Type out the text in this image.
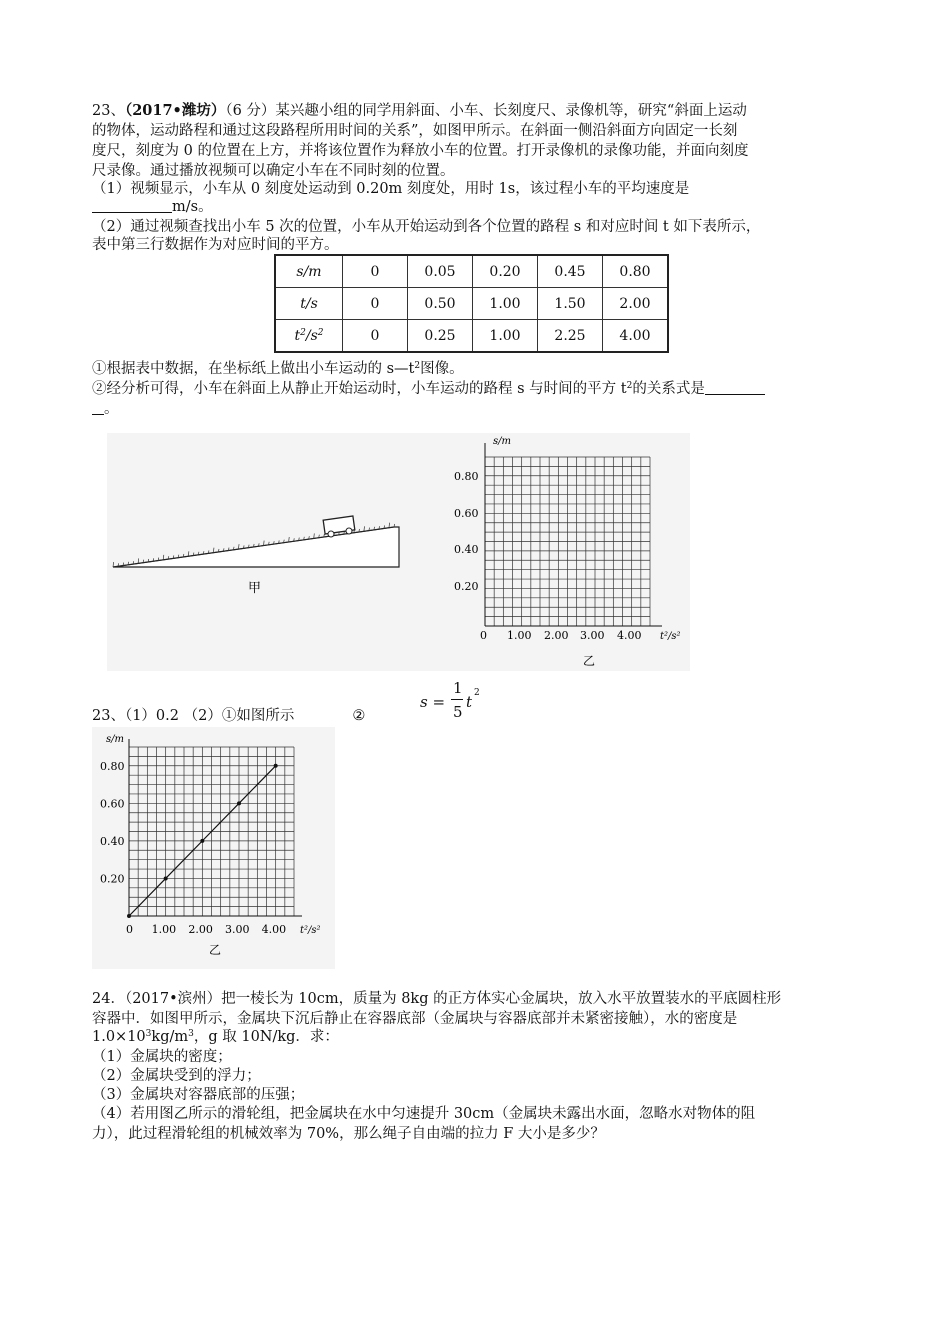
23、（2017•潍坊）（6 分）某兴趣小组的同学用斜面、小车、长刻度尺、录像机等，研究“斜面上运动

的物体，运动路程和通过这段路程所用时间的关系”，如图甲所示。在斜面一侧沿斜面方向固定一长刻

度尺，刻度为 0 的位置在上方，并将该位置作为释放小车的位置。打开录像机的录像功能，并面向刻度

尺录像。通过播放视频可以确定小车在不同时刻的位置。

（1）视频显示，小车从 0 刻度处运动到 0.20m 刻度处，用时 1s，该过程小车的平均速度是

m/s。

（2）通过视频查找出小车 5 次的位置，小车从开始运动到各个位置的路程 s 和对应时间 t 如下表所示，

表中第三行数据作为对应时间的平方。

s/m	0	0.05	0.20	0.45	0.80
t/s	0	0.50	1.00	1.50	2.00
$t^2/s^2$	0	0.25	1.00	2.25	4.00

①根据表中数据，在坐标纸上做出小车运动的 $s—t^2$图像。

②经分析可得，小车在斜面上从静止开始运动时，小车运动的路程 s 与时间的平方 $t^2$的关系式是

。

甲
s/m
0.80
0.60
0.40
0.20
0 1.00 2.00 3.00 4.00 t²/s²
乙

23、（1）0.2 （2）①如图所示	②

s =
1
5
t 2
s/m
t²/s²
乙
0.80
0.60
0.40
0.20
0 1.00 2.00 3.00 4.00

24．（2017•滨州）把一棱长为 10cm，质量为 8kg 的正方体实心金属块，放入水平放置装水的平底圆柱形

容器中．如图甲所示，金属块下沉后静止在容器底部（金属块与容器底部并未紧密接触），水的密度是

$1.0\times 10^3kg/m^3$，g 取 10N/kg．求：

（1）金属块的密度；

（2）金属块受到的浮力；

（3）金属块对容器底部的压强；

（4）若用图乙所示的滑轮组，把金属块在水中匀速提升 30cm（金属块未露出水面，忽略水对物体的阻

力），此过程滑轮组的机械效率为 70%，那么绳子自由端的拉力 F 大小是多少？
